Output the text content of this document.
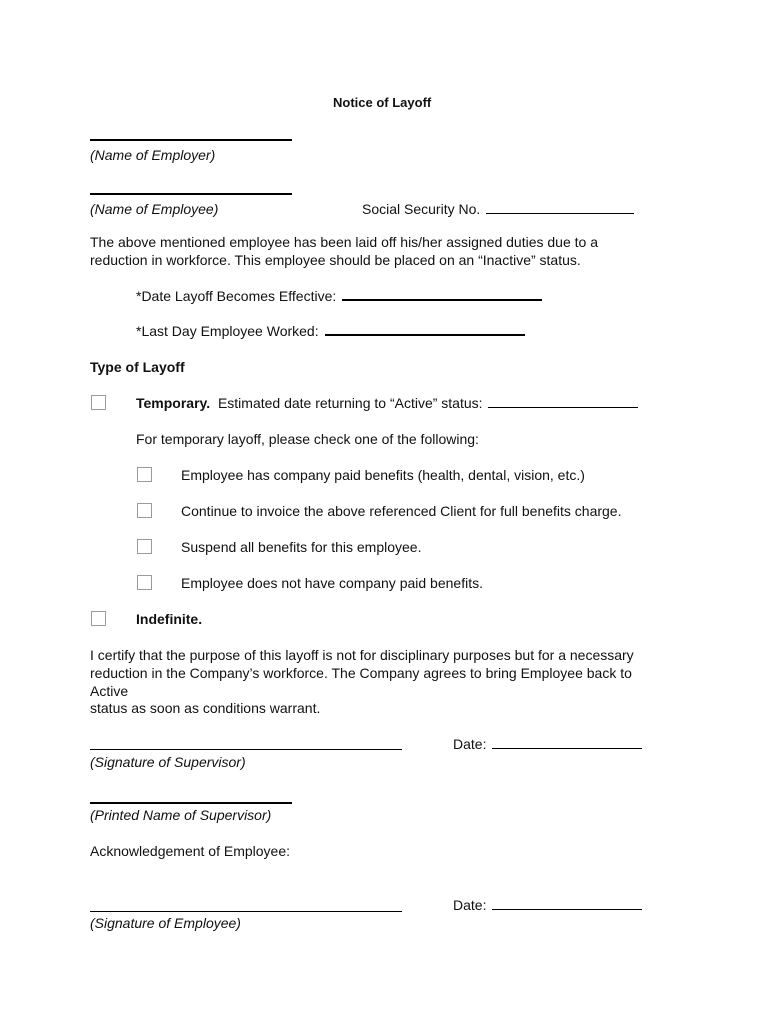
Notice of Layoff
(Name of Employer)
(Name of Employee)	Social Security No.
The above mentioned employee has been laid off his/her assigned duties due to a
reduction in workforce. This employee should be placed on an “Inactive” status.
*Date Layoff Becomes Effective:
*Last Day Employee Worked:
Type of Layoff
Temporary. Estimated date returning to “Active” status:
For temporary layoff, please check one of the following:
Employee has company paid benefits (health, dental, vision, etc.)
Continue to invoice the above referenced Client for full benefits charge.
Suspend all benefits for this employee.
Employee does not have company paid benefits.
Indefinite.
I certify that the purpose of this layoff is not for disciplinary purposes but for a necessary
reduction in the Company’s workforce. The Company agrees to bring Employee back to
Active
status as soon as conditions warrant.
(Signature of Supervisor)
Date:
(Printed Name of Supervisor)
Acknowledgement of Employee:
(Signature of Employee)
Date:
